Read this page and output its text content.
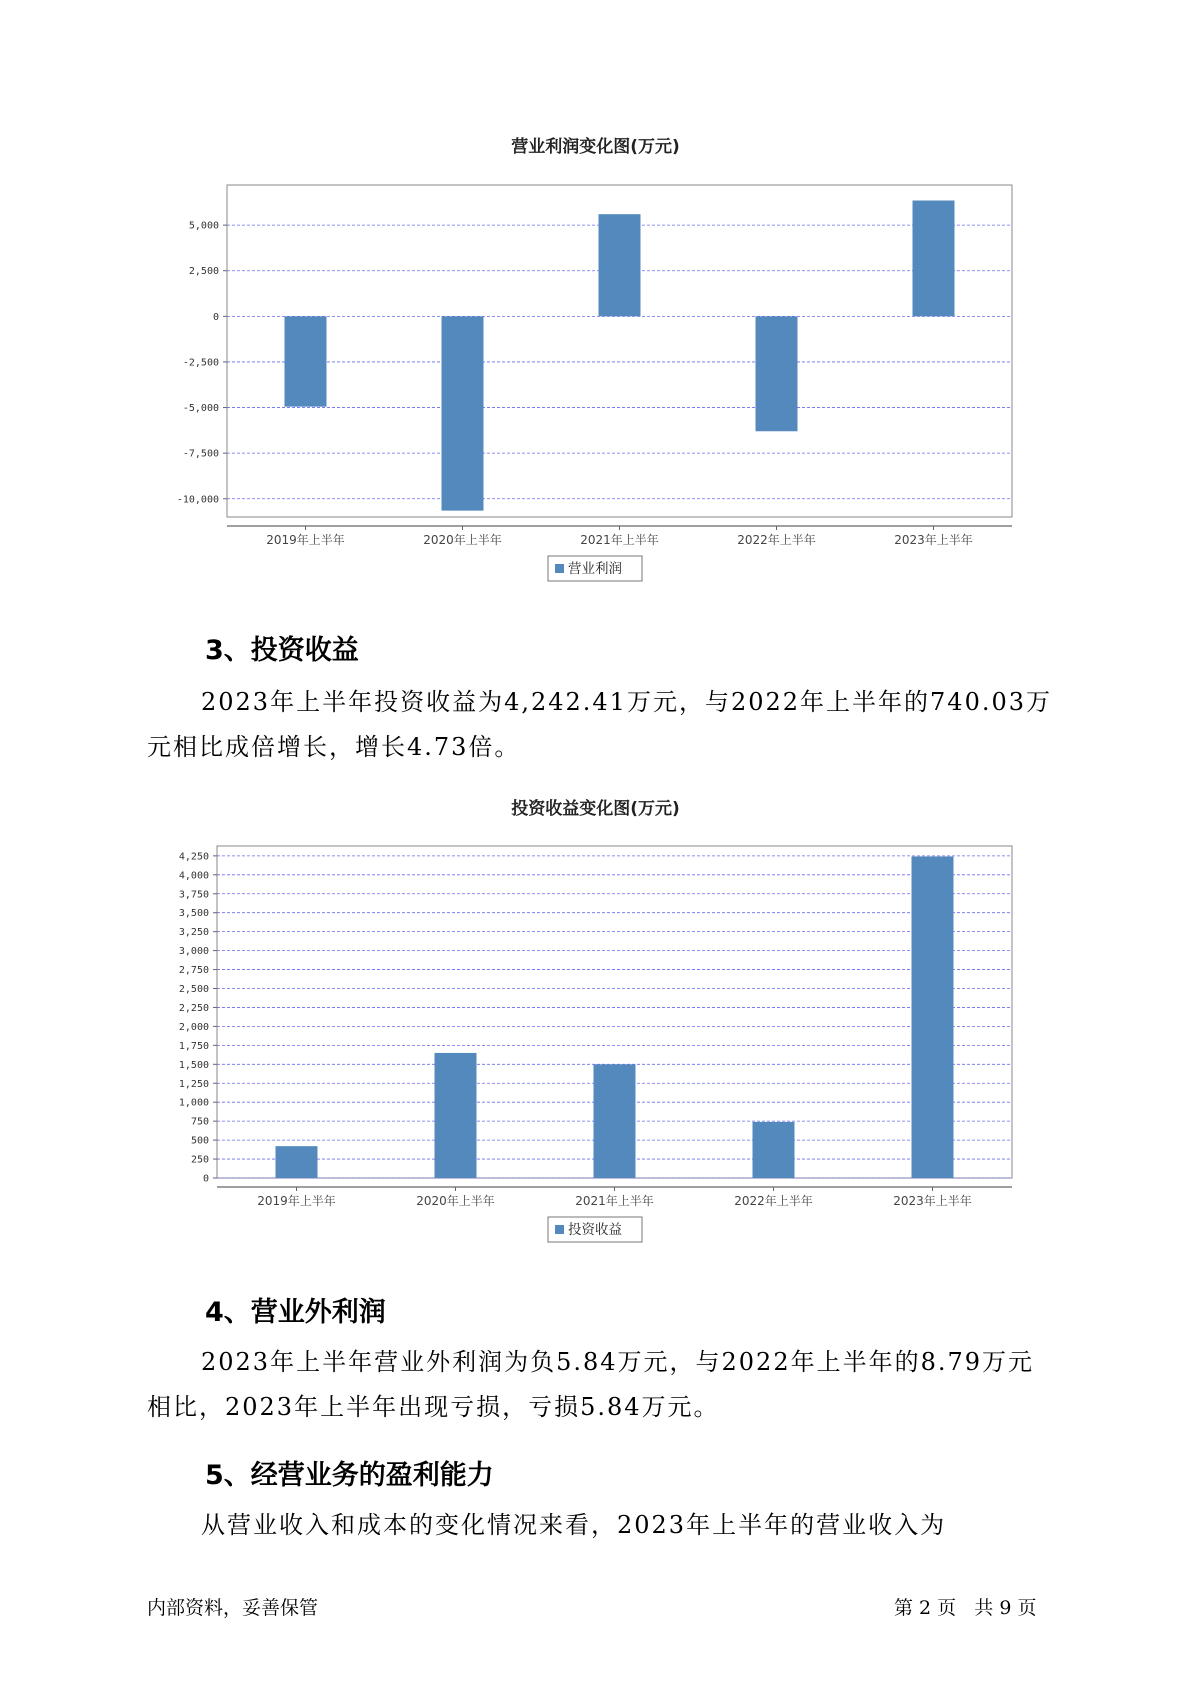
营业利润变化图(万元)
5,000
2,500
0
-2,500
-5,000
-7,500
-10,000
2019年上半年	2020年上半年	2021年上半年	2022年上半年	2023年上半年
营业利润
3、投资收益

2023年上半年投资收益为4,242.41万元，与2022年上半年的740.03万元相比成倍增长，增长4.73倍。

投资收益变化图(万元)
0
250
500
750
1,000
1,250
1,500
1,750
2,000
2,250
2,500
2,750
3,000
3,250
3,500
3,750
4,000
4,250
2019年上半年	2020年上半年	2021年上半年	2022年上半年	2023年上半年
投资收益
4、营业外利润

2023年上半年营业外利润为负5.84万元，与2022年上半年的8.79万元相比，2023年上半年出现亏损，亏损5.84万元。

5、经营业务的盈利能力

从营业收入和成本的变化情况来看，2023年上半年的营业收入为

内部资料，妥善保管	第 2 页   共 9 页
